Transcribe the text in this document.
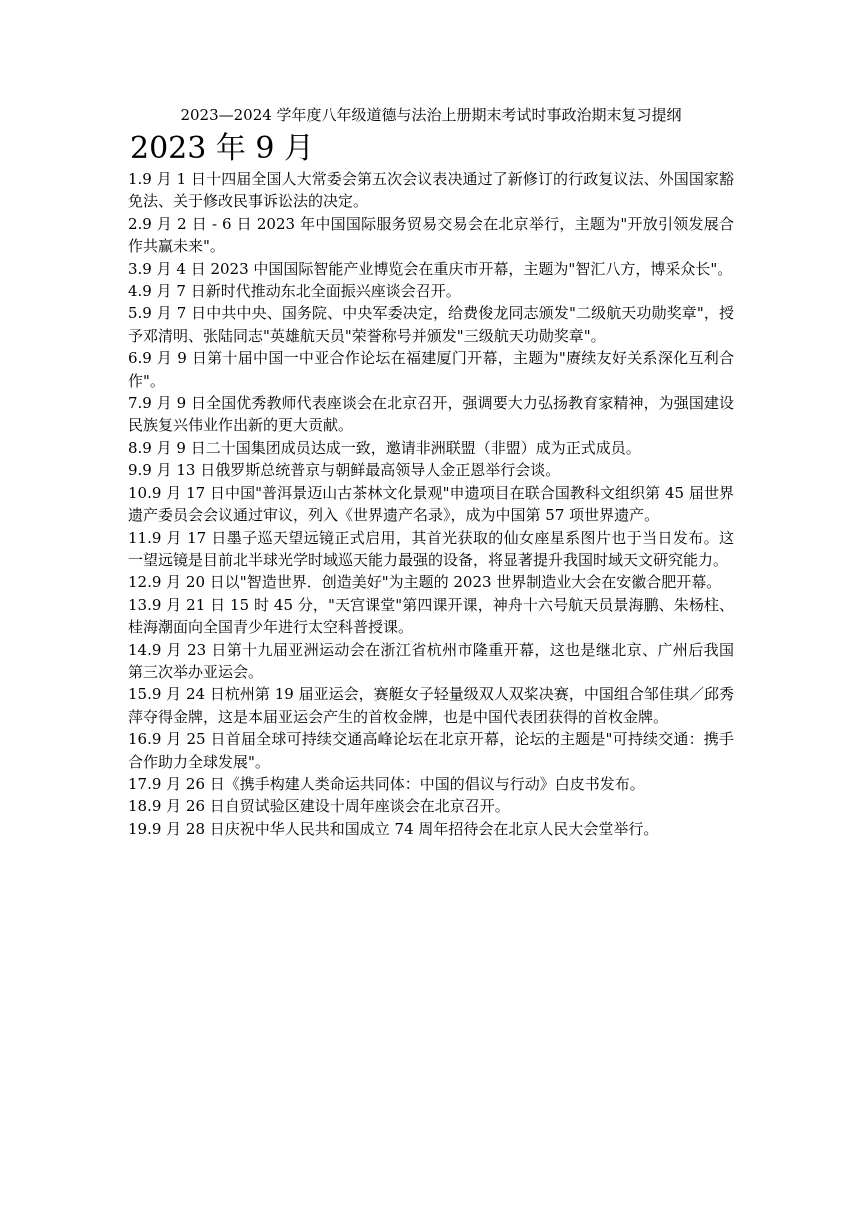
2023—2024 学年度八年级道德与法治上册期末考试时事政治期末复习提纲
2023 年 9 月
1.9 月 1 日十四届全国人大常委会第五次会议表决通过了新修订的行政复议法、外国国家豁免法、关于修改民事诉讼法的决定。
2.9 月 2 日 - 6 日 2023 年中国国际服务贸易交易会在北京举行，主题为"开放引领发展合作共赢未来"。
3.9 月 4 日 2023 中国国际智能产业博览会在重庆市开幕，主题为"智汇八方，博采众长"。
4.9 月 7 日新时代推动东北全面振兴座谈会召开。
5.9 月 7 日中共中央、国务院、中央军委决定，给费俊龙同志颁发"二级航天功勋奖章"，授予邓清明、张陆同志"英雄航天员"荣誉称号并颁发"三级航天功勋奖章"。
6.9 月 9 日第十届中国一中亚合作论坛在福建厦门开幕，主题为"赓续友好关系深化互利合作"。
7.9 月 9 日全国优秀教师代表座谈会在北京召开，强调要大力弘扬教育家精神，为强国建设民族复兴伟业作出新的更大贡献。
8.9 月 9 日二十国集团成员达成一致，邀请非洲联盟（非盟）成为正式成员。
9.9 月 13 日俄罗斯总统普京与朝鲜最高领导人金正恩举行会谈。
10.9 月 17 日中国"普洱景迈山古茶林文化景观"申遗项目在联合国教科文组织第 45 届世界遗产委员会会议通过审议，列入《世界遗产名录》，成为中国第 57 项世界遗产。
11.9 月 17 日墨子巡天望远镜正式启用，其首光获取的仙女座星系图片也于当日发布。这一望远镜是目前北半球光学时域巡天能力最强的设备，将显著提升我国时域天文研究能力。
12.9 月 20 日以"智造世界．创造美好"为主题的 2023 世界制造业大会在安徽合肥开幕。
13.9 月 21 日 15 时 45 分，"天宫课堂"第四课开课，神舟十六号航天员景海鹏、朱杨柱、桂海潮面向全国青少年进行太空科普授课。
14.9 月 23 日第十九届亚洲运动会在浙江省杭州市隆重开幕，这也是继北京、广州后我国第三次举办亚运会。
15.9 月 24 日杭州第 19 届亚运会，赛艇女子轻量级双人双桨决赛，中国组合邹佳琪／邱秀萍夺得金牌，这是本届亚运会产生的首枚金牌，也是中国代表团获得的首枚金牌。
16.9 月 25 日首届全球可持续交通高峰论坛在北京开幕，论坛的主题是"可持续交通：携手合作助力全球发展"。
17.9 月 26 日《携手构建人类命运共同体：中国的倡议与行动》白皮书发布。
18.9 月 26 日自贸试验区建设十周年座谈会在北京召开。
19.9 月 28 日庆祝中华人民共和国成立 74 周年招待会在北京人民大会堂举行。
